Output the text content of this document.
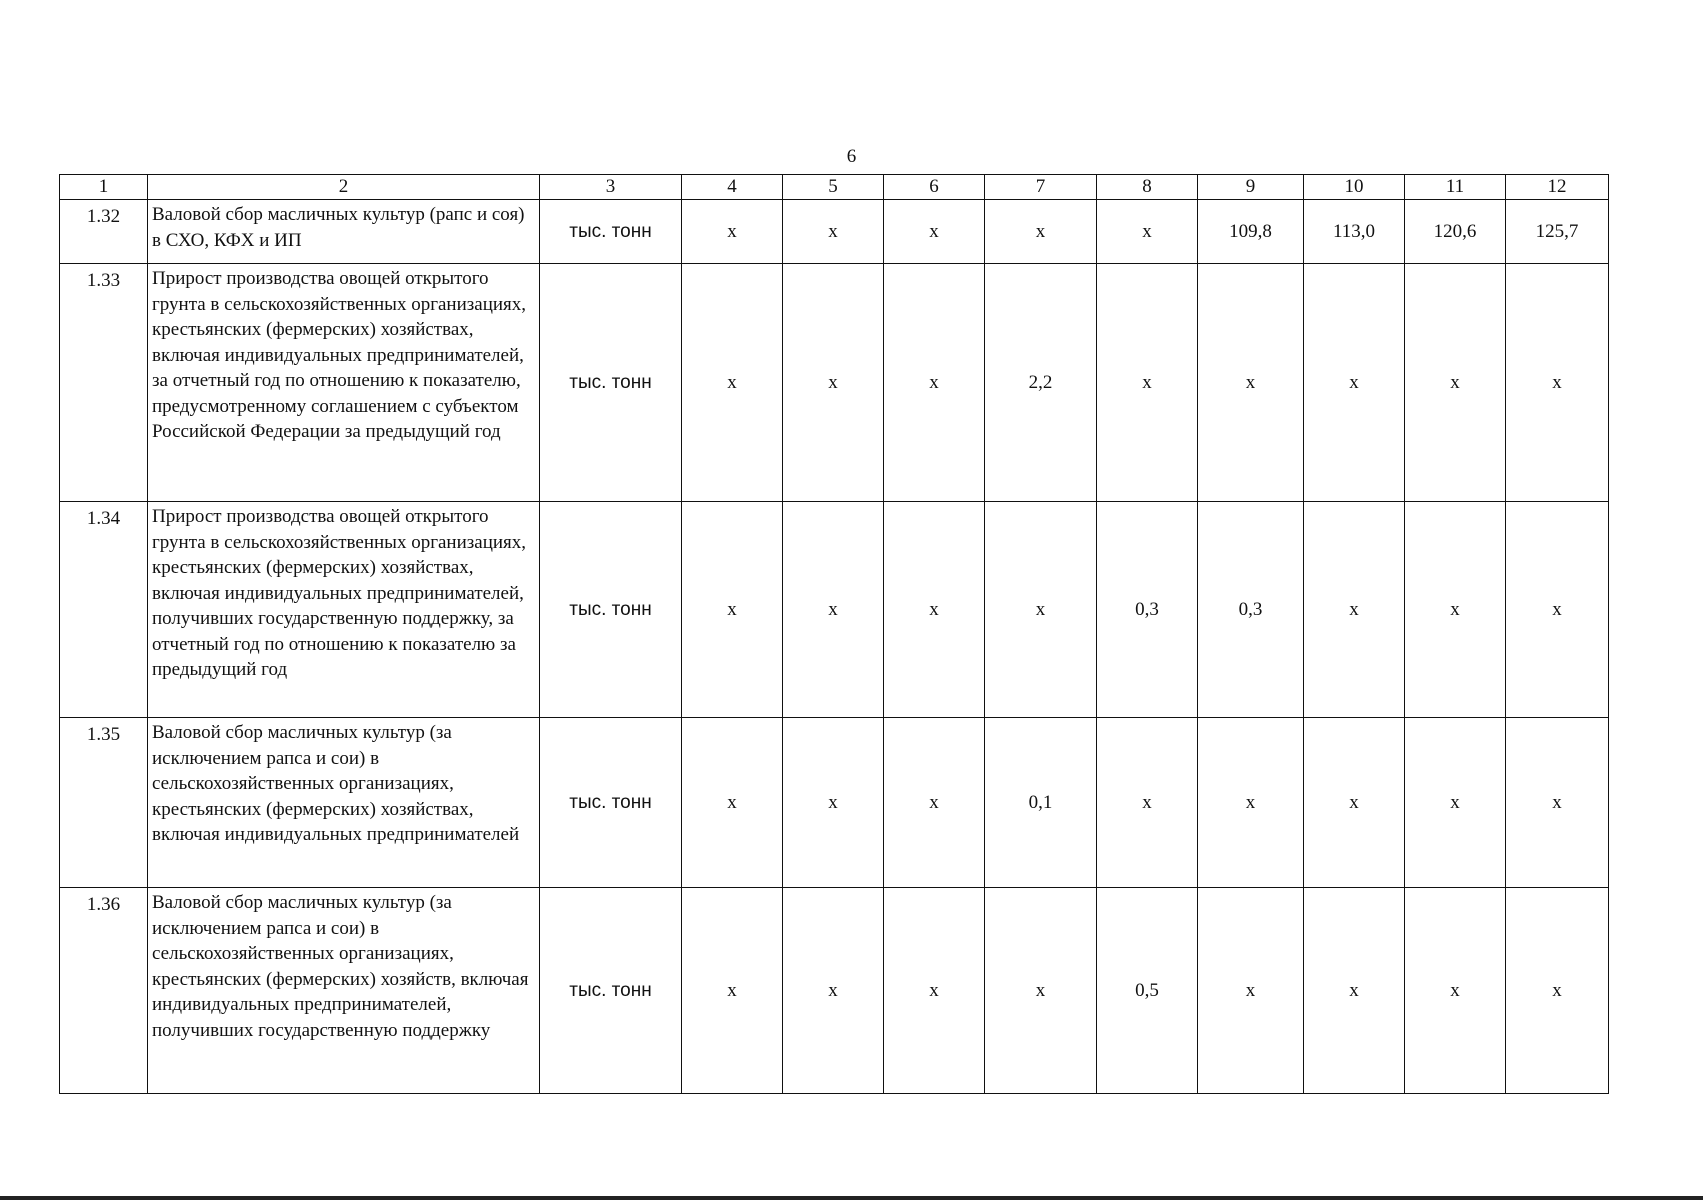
6
1	2	3	4	5	6	7	8	9	10	11	12
1.32	Валовой сбор масличных культур (рапс и соя) в СХО, КФХ и ИП	тыс. тонн	x	x	x	x	x	109,8	113,0	120,6	125,7
1.33	Прирост производства овощей открытого грунта в сельскохозяйственных организациях, крестьянских (фермерских) хозяйствах, включая индивидуальных предпринимателей, за отчетный год по отношению к показателю, предусмотренному соглашением с субъектом Российской Федерации за предыдущий год	тыс. тонн	x	x	x	2,2	x	x	x	x	x
1.34	Прирост производства овощей открытого грунта в сельскохозяйственных организациях, крестьянских (фермерских) хозяйствах, включая индивидуальных предпринимателей, получивших государственную поддержку, за отчетный год по отношению к показателю за предыдущий год	тыс. тонн	x	x	x	x	0,3	0,3	x	x	x
1.35	Валовой сбор масличных культур (за исключением рапса и сои) в сельскохозяйственных организациях, крестьянских (фермерских) хозяйствах, включая индивидуальных предпринимателей	тыс. тонн	x	x	x	0,1	x	x	x	x	x
1.36	Валовой сбор масличных культур (за исключением рапса и сои) в сельскохозяйственных организациях, крестьянских (фермерских) хозяйств, включая индивидуальных предпринимателей, получивших государственную поддержку	тыс. тонн	x	x	x	x	0,5	x	x	x	x
